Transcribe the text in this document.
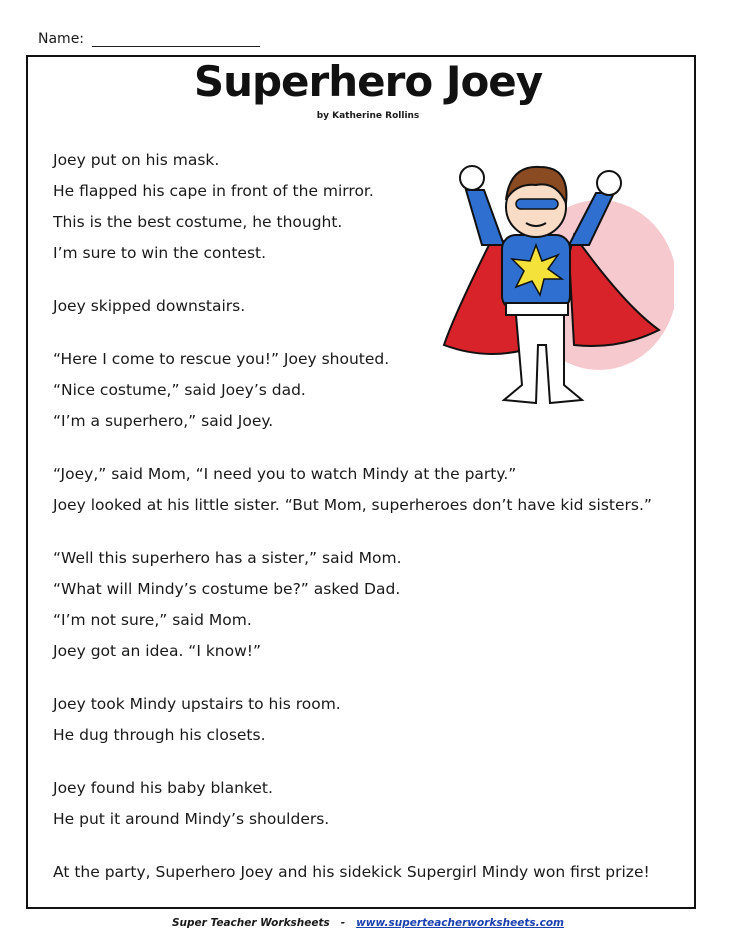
Name:
Superhero Joey
by Katherine Rollins

Joey put on his mask.

He flapped his cape in front of the mirror.

This is the best costume, he thought.

I’m sure to win the contest.

Joey skipped downstairs.

“Here I come to rescue you!” Joey shouted.

“Nice costume,” said Joey’s dad.

“I’m a superhero,” said Joey.

“Joey,” said Mom, “I need you to watch Mindy at the party.”

Joey looked at his little sister. “But Mom, superheroes don’t have kid sisters.”

“Well this superhero has a sister,” said Mom.

“What will Mindy’s costume be?” asked Dad.

“I’m not sure,” said Mom.

Joey got an idea. “I know!”

Joey took Mindy upstairs to his room.

He dug through his closets.

Joey found his baby blanket.

He put it around Mindy’s shoulders.

At the party, Superhero Joey and his sidekick Supergirl Mindy won first prize!

Super Teacher Worksheets - www.superteacherworksheets.com
